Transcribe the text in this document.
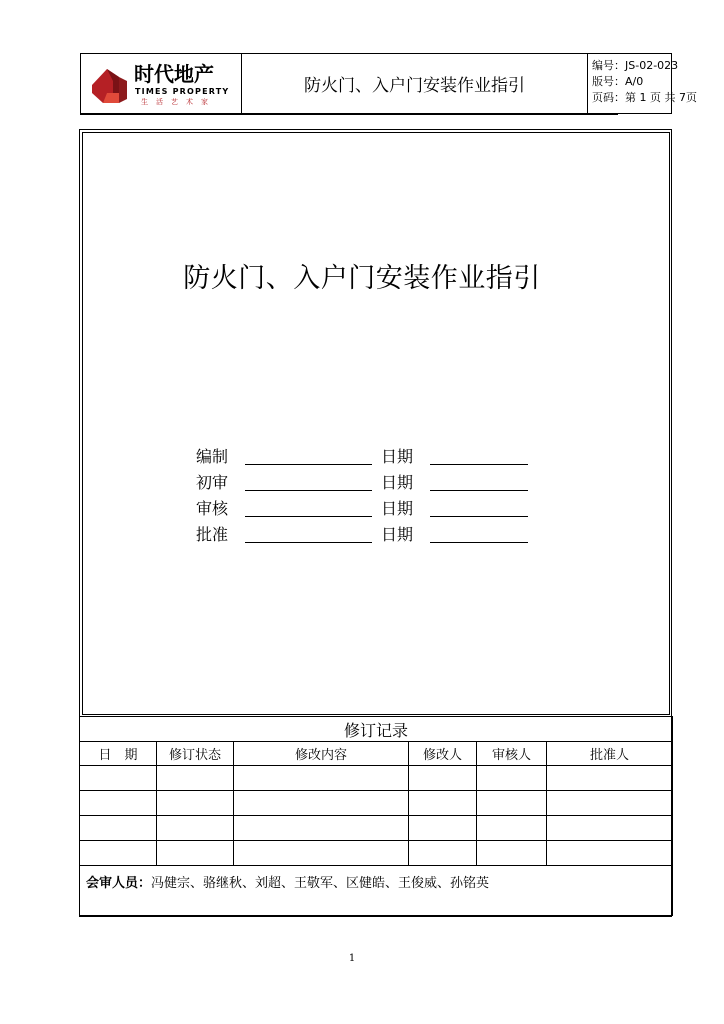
时代地产
TIMES PROPERTY
生活艺术家
防火门、入户门安装作业指引
编号：JS-02-023
版号：A/0
页码：第 1 页 共 7页
防火门、入户门安装作业指引
编制	日期
初审	日期
审核	日期
批准	日期
修订记录					
日　期	修订状态	修改内容	修改人	审核人	批准人

会审人员：冯健宗、骆继秋、刘超、王敬军、区健皓、王俊威、孙铭英					
1
